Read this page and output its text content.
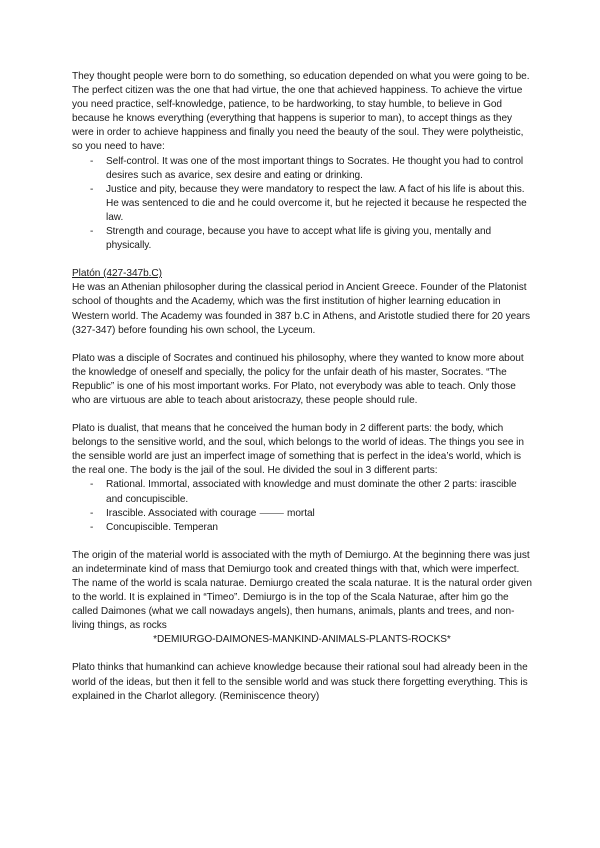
They thought people were born to do something, so education depended on what you were going to be. The perfect citizen was the one that had virtue, the one that achieved happiness. To achieve the virtue you need practice, self-knowledge, patience, to be hardworking, to stay humble, to believe in God because he knows everything (everything that happens is superior to man), to accept things as they were in order to achieve happiness and finally you need the beauty of the soul. They were polytheistic, so you need to have:

- Self-control. It was one of the most important things to Socrates. He thought you had to control desires such as avarice, sex desire and eating or drinking.
- Justice and pity, because they were mandatory to respect the law. A fact of his life is about this. He was sentenced to die and he could overcome it, but he rejected it because he respected the law.
- Strength and courage, because you have to accept what life is giving you, mentally and physically.

Platón (427-347b.C)

He was an Athenian philosopher during the classical period in Ancient Greece. Founder of the Platonist school of thoughts and the Academy, which was the first institution of higher learning education in Western world. The Academy was founded in 387 b.C in Athens, and Aristotle studied there for 20 years (327-347) before founding his own school, the Lyceum.

Plato was a disciple of Socrates and continued his philosophy, where they wanted to know more about the knowledge of oneself and specially, the policy for the unfair death of his master, Socrates. “The Republic” is one of his most important works. For Plato, not everybody was able to teach. Only those who are virtuous are able to teach about aristocrazy, these people should rule.

Plato is dualist, that means that he conceived the human body in 2 different parts: the body, which belongs to the sensitive world, and the soul, which belongs to the world of ideas. The things you see in the sensible world are just an imperfect image of something that is perfect in the idea’s world, which is the real one. The body is the jail of the soul. He divided the soul in 3 different parts:

- Rational. Immortal, associated with knowledge and must dominate the other 2 parts: irascible and concupiscible.
- Irascible. Associated with courage ⸻ mortal
- Concupiscible. Temperan

The origin of the material world is associated with the myth of Demiurgo. At the beginning there was just an indeterminate kind of mass that Demiurgo took and created things with that, which were imperfect. The name of the world is scala naturae. Demiurgo created the scala naturae. It is the natural order given to the world. It is explained in “Timeo”. Demiurgo is in the top of the Scala Naturae, after him go the called Daimones (what we call nowadays angels), then humans, animals, plants and trees, and non-living things, as rocks

*DEMIURGO-DAIMONES-MANKIND-ANIMALS-PLANTS-ROCKS*

Plato thinks that humankind can achieve knowledge because their rational soul had already been in the world of the ideas, but then it fell to the sensible world and was stuck there forgetting everything. This is explained in the Charlot allegory. (Reminiscence theory)
